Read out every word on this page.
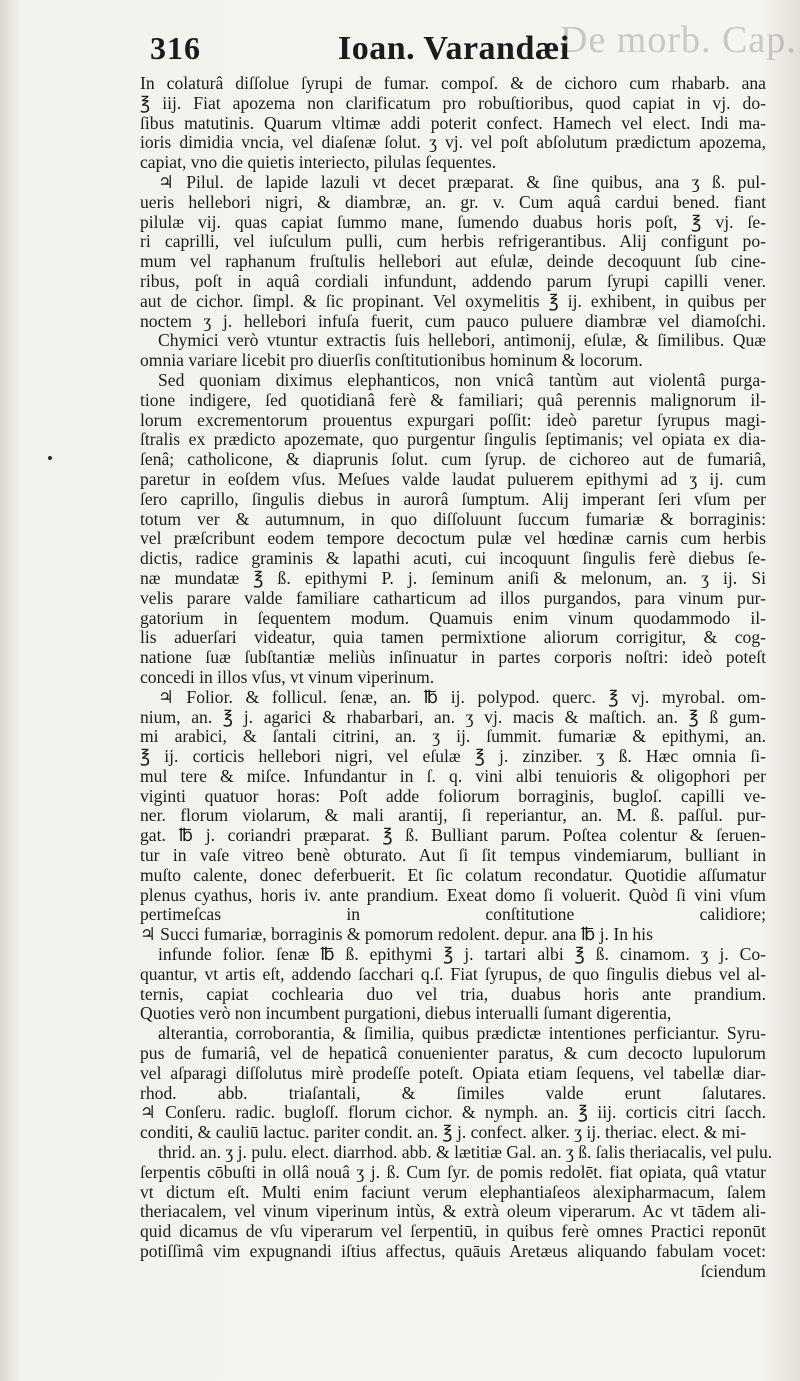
De morb. Cap.
316	Ioan. Varandæi
In colaturâ diſſolue ſyrupi de fumar. compoſ. & de cichoro cum rhabarb. ana
℥ iij. Fiat apozema non clarificatum pro robuſtioribus, quod capiat in vj. do-
ſibus matutinis. Quarum vltimæ addi poterit confect. Hamech vel elect. Indi ma-
ioris dimidia vncia, vel diaſenæ ſolut. ʒ vj. vel poſt abſolutum prædictum apozema,
capiat, vno die quietis interiecto, pilulas ſequentes.
♃ Pilul. de lapide lazuli vt decet præparat. & ſine quibus, ana ʒ ß. pul-
ueris hellebori nigri, & diambræ, an. gr. v. Cum aquâ cardui bened. fiant
pilulæ vij. quas capiat ſummo mane, ſumendo duabus horis poſt, ℥ vj. ſe-
ri caprilli, vel iuſculum pulli, cum herbis refrigerantibus. Alij configunt po-
mum vel raphanum fruſtulis hellebori aut eſulæ, deinde decoquunt ſub cine-
ribus, poſt in aquâ cordiali infundunt, addendo parum ſyrupi capilli vener.
aut de cichor. ſimpl. & ſic propinant. Vel oxymelitis ℥ ij. exhibent, in quibus per
noctem ʒ j. hellebori infuſa fuerit, cum pauco puluere diambræ vel diamoſchi.
Chymici verò vtuntur extractis ſuis hellebori, antimonij, eſulæ, & ſimilibus. Quæ
omnia variare licebit pro diuerſis conſtitutionibus hominum & locorum.
Sed quoniam diximus elephanticos, non vnicâ tantùm aut violentâ purga-
tione indigere, ſed quotidianâ ferè & familiari; quâ perennis malignorum il-
lorum excrementorum prouentus expurgari poſſit: ideò paretur ſyrupus magi-
ſtralis ex prædicto apozemate, quo purgentur ſingulis ſeptimanis; vel opiata ex dia-
ſenâ; catholicone, & diaprunis ſolut. cum ſyrup. de cichoreo aut de fumariâ,
paretur in eoſdem vſus. Meſues valde laudat puluerem epithymi ad ʒ ij. cum
ſero caprillo, ſingulis diebus in aurorâ ſumptum. Alij imperant ſeri vſum per
totum ver & autumnum, in quo diſſoluunt ſuccum fumariæ & borraginis:
vel præſcribunt eodem tempore decoctum pulæ vel hœdinæ carnis cum herbis
dictis, radice graminis & lapathi acuti, cui incoquunt ſingulis ferè diebus ſe-
næ mundatæ ℥ ß. epithymi P. j. ſeminum aniſi & melonum, an. ʒ ij. Si
velis parare valde familiare catharticum ad illos purgandos, para vinum pur-
gatorium in ſequentem modum. Quamuis enim vinum quodammodo il-
lis aduerſari videatur, quia tamen permixtione aliorum corrigitur, & cog-
natione ſuæ ſubſtantiæ meliùs inſinuatur in partes corporis noſtri: ideò poteſt
concedi in illos vſus, vt vinum viperinum.
♃ Folior. & follicul. ſenæ, an. ℔ ij. polypod. querc. ℥ vj. myrobal. om-
nium, an. ℥ j. agarici & rhabarbari, an. ʒ vj. macis & maſtich. an. ℥ ß gum-
mi arabici, & ſantali citrini, an. ʒ ij. ſummit. fumariæ & epithymi, an.
℥ ij. corticis hellebori nigri, vel eſulæ ℥ j. zinziber. ʒ ß. Hæc omnia ſi-
mul tere & miſce. Infundantur in ſ. q. vini albi tenuioris & oligophori per
viginti quatuor horas: Poſt adde foliorum borraginis, bugloſ. capilli ve-
ner. florum violarum, & mali arantij, ſi reperiantur, an. M. ß. paſſul. pur-
gat. ℔ j. coriandri præparat. ℥ ß. Bulliant parum. Poſtea colentur & ſeruen-
tur in vaſe vitreo benè obturato. Aut ſi ſit tempus vindemiarum, bulliant in
muſto calente, donec deferbuerit. Et ſic colatum recondatur. Quotidie aſſumatur
plenus cyathus, horis iv. ante prandium. Exeat domo ſi voluerit. Quòd ſi vini vſum
pertimeſcas in conſtitutione calidiore;
♃ Succi fumariæ, borraginis & pomorum redolent. depur. ana ℔ j. In his
infunde folior. ſenæ ℔ ß. epithymi ℥ j. tartari albi ℥ ß. cinamom. ʒ j. Co-
quantur, vt artis eſt, addendo ſacchari q.ſ. Fiat ſyrupus, de quo ſingulis diebus vel al-
ternis, capiat cochlearia duo vel tria, duabus horis ante prandium.
Quoties verò non incumbent purgationi, diebus interualli ſumant digerentia,
alterantia, corroborantia, & ſimilia, quibus prædictæ intentiones perficiantur. Syru-
pus de fumariâ, vel de hepaticâ conuenienter paratus, & cum decocto lupulorum
vel aſparagi diſſolutus mirè prodeſſe poteſt. Opiata etiam ſequens, vel tabellæ diar-
rhod. abb. triaſantali, & ſimiles valde erunt ſalutares.
♃ Conſeru. radic. bugloſſ. florum cichor. & nymph. an. ℥ iij. corticis citri ſacch.
conditi, & cauliū lactuc. pariter condit. an. ℥ j. confect. alker. ʒ ij. theriac. elect. & mi-
thrid. an. ʒ j. pulu. elect. diarrhod. abb. & lætitiæ Gal. an. ʒ ß. ſalis theriacalis, vel pulu.
ſerpentis cōbuſti in ollâ nouâ ʒ j. ß. Cum ſyr. de pomis redolēt. fiat opiata, quâ vtatur
vt dictum eſt. Multi enim faciunt verum elephantiaſeos alexipharmacum, ſalem
theriacalem, vel vinum viperinum intùs, & extrà oleum viperarum. Ac vt tādem ali-
quid dicamus de vſu viperarum vel ſerpentiū, in quibus ferè omnes Practici reponūt
potiſſimâ vim expugnandi iſtius affectus, quāuis Aretæus aliquando fabulam vocet:
ſciendum
